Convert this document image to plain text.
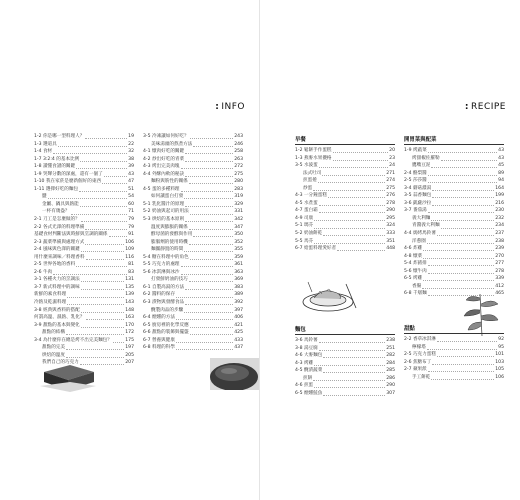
: INFO
1-2 你是哪一型料理人？	19
1-3 選道具	22
1-4 食材	32
1-7 3:2:4 的基本比例	38
1-8 讀懂食譜的關鍵	39
1-9 哭聲分數的深處，還有一個了	43
1-10 我在家菸是麼新個好的東西	47
1-11 選擇好吃的麵包	51
鹽	54
金屬、鍋具與熱能	60
一杯有幾盎？	71
2-1 刀工是怎麼做的？	79
2-2 各式光澤的料理準備	79
基礎食材判斷法與時鮮與烹調的關係	91
2-3 蔬菜準備與處理方式	106
2-4 風味與色澤的關鍵	109
用什麼來調味／料理香料	116
2-5 世界各地的香料	81
2-6 牛肉	83
3-1 各種火力的烹調法	131
3-7 新式料理中的調味	135
新鮮的素食料理	139
冷熱及乾濕料理	143
3-8 經典與香料的搭配	148
何謂高溫、濕熱、乳化？	163
3-9 甜點的基本與變化	170
甜點的結構	172
3-4 為什麼你在總是烤不出完美麵包？	175
甜點的完美	197
烘焙的溫度	205
我們自己的巧克力	207
3-5 冷凍讓如何好吃？	243
美味湯頭的熬煮方法	246
4-1 燉肉好吃的關鍵	258
4-2 炒出好吃的青菜	263
4-3 烤出完美肉塊	272
4-4 外酥內軟的秘訣	275
麵粉與筋性的關係	280
4-5 蛋的多種料理	283
如何讓蛋白打發	319
5-1 乳化醬汁的原理	329
5-2 奶油與起司的用法	331
5-3 烘焙的基本原則	342
溫度與膨脹的關係	347
酵母菌的發酵與作用	350
膨脹劑的使用時機	352
麵團靜置的時間	355
5-4 糖在料理中的角色	359
5-5 巧克力的處理	361
5-6 冰淇淋與冰沙	363
打發鮮奶油的技巧	369
6-1 自製高湯的方法	383
6-2 醬料的保存	389
6-3 漬物與發酵食品	392
醃製肉品的步驟	397
6-4 煙燻的方法	406
6-5 廚房裡的化學反應	421
6-6 甜點的裝飾與擺盤	425
6-7 營養與健康	433
6-8 料理的科學	437
: RECIPE
早餐
1-2 鬆餅手作蛋糕	20
1-3 燕麥水果優格	23
3-5 水波蛋	24
法式吐司	271
煎蛋捲	274
炒蛋	275
4-3 一分鐘蛋糕	276
4-5 水煮蛋	278
4-7 蛋白霜	290
4-9 司康	295
5-1 瑪芬	324
5-2 奶油餅乾	333
5-5 馬芬	351
6-7 給蛋料理愛好者	448
開胃菜與配菜
1-9 烤蔬菜	43
烤甜椒佐羅勒	43
鷹嘴豆泥	45
2-4 酪梨醬	89
2-5 莎莎醬	94
3-4 蘑菇濃湯	164
3-5 蒜香麵包	199
3-6 凱薩沙拉	216
3-7 番茄湯	230
義大利麵	232
青醬義大利麵	234
4-4 焗烤馬鈴薯	237
洋蔥圈	238
4-6 炸雞	239
4-8 燉菜	270
5-4 炸豬排	277
5-6 燉牛肉	278
6-5 烤雞	339
香腸	412
6-8 千層麵	465
麵包
3-6 馬鈴薯	238
3-8 湯豆腐	251
4-6 大麥麵包	282
4-3 烤雞	284
4-5 醃漬蔬菜	285
煎餅	286
4-6 煎蛋	290
6-5 煙燻鮭魚	307
甜點
2-2 香草冰淇淋	92
檸檬塔	95
2-5 巧克力蛋糕	101
2-6 焦糖布丁	103
2-7 蘋果派	105
手工餅乾	106
